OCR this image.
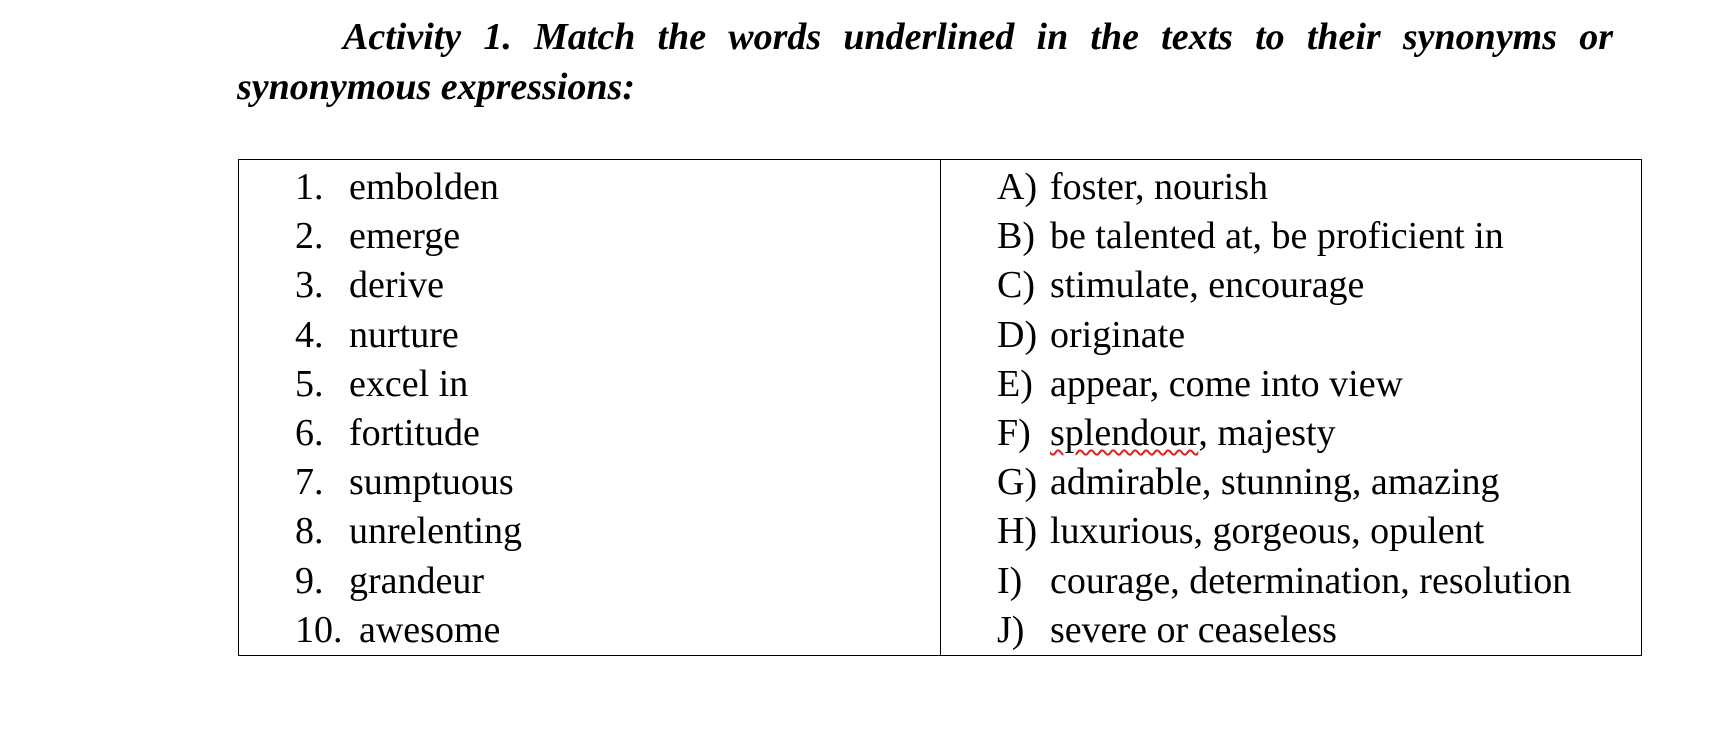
Activity 1. Match the words underlined in the texts to their synonyms or synonymous expressions:

1. embolden
2. emerge
3. derive
4. nurture
5. excel in
6. fortitude
7. sumptuous
8. unrelenting
9. grandeur
10. awesome
A) foster, nourish
B) be talented at, be proficient in
C) stimulate, encourage
D) originate
E) appear, come into view
F) splendour, majesty
G) admirable, stunning, amazing
H) luxurious, gorgeous, opulent
I) courage, determination, resolution
J) severe or ceaseless
